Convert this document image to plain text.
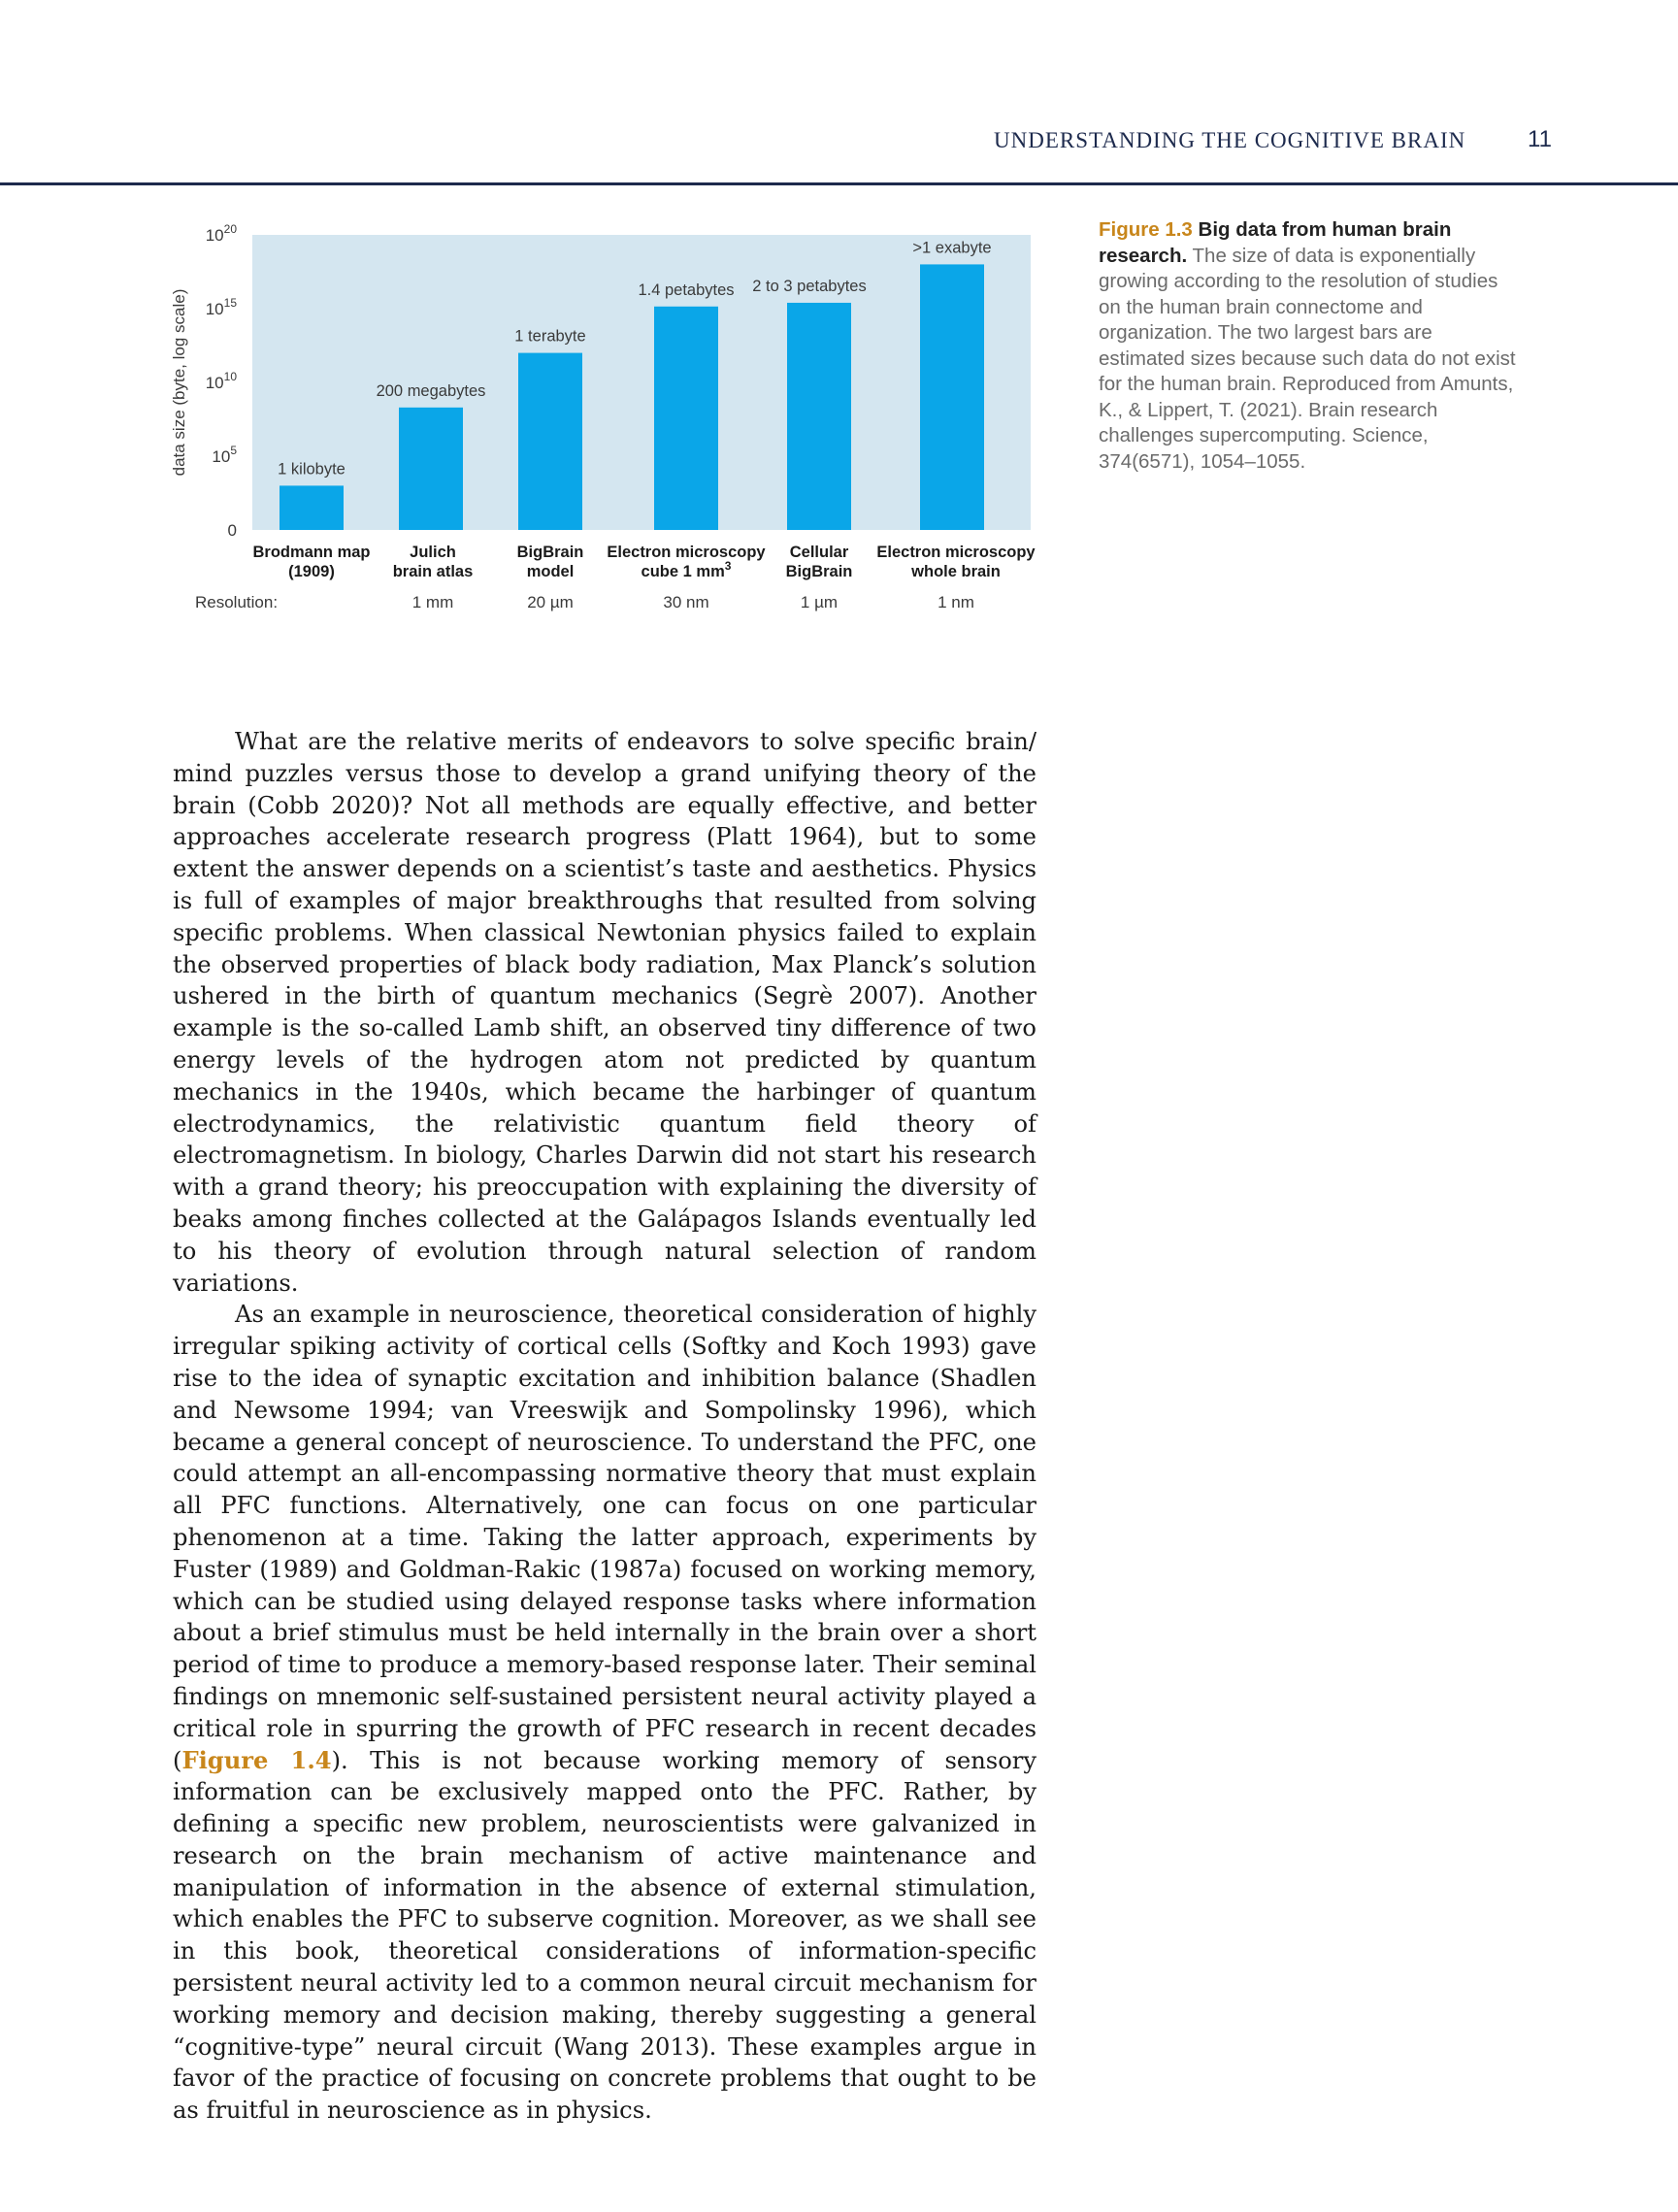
UNDERSTANDING THE COGNITIVE BRAIN	11
data size (byte, log scale)
$10^{20}$
$10^{15}$
$10^{10}$
$10^5$
0
1 kilobyte
200 megabytes
1 terabyte
1.4 petabytes 2 to 3 petabytes
>1 exabyte
Brodmann map
(1909)
Julich
brain atlas
BigBrain
model
Electron microscopy
cube 1 $mm^3$
Cellular
BigBrain
Electron microscopy
whole brain
Resolution:	1 mm	20 µm	30 nm	1 µm	1 nm
Figure 1.3 Big data from human brain research. The size of data is exponentially growing according to the resolution of studies on the human brain connectome and organization. The two largest bars are estimated sizes because such data do not exist for the human brain. Reproduced from Amunts, K., & Lippert, T. (2021). Brain research challenges supercomputing. Science, 374(6571), 1054–1055.

What are the relative merits of endeavors to solve specific brain/ mind puzzles versus those to develop a grand unifying theory of the brain (Cobb 2020)? Not all methods are equally effective, and better approaches accelerate research progress (Platt 1964), but to some extent the answer depends on a scientist’s taste and aesthetics. Physics is full of examples of major breakthroughs that resulted from solving specific problems. When classical Newtonian physics failed to explain the observed properties of black body radiation, Max Planck’s solution ushered in the birth of quantum mechanics (Segrè 2007). Another example is the so-called Lamb shift, an observed tiny difference of two energy levels of the hydrogen atom not predicted by quantum mechanics in the 1940s, which became the harbinger of quantum electrodynamics, the relativistic quantum field theory of electromagnetism. In biology, Charles Darwin did not start his research with a grand theory; his preoccupation with explaining the diversity of beaks among finches collected at the Galápagos Islands eventually led to his theory of evolution through natural selection of random variations.

As an example in neuroscience, theoretical consideration of highly irregular spiking activity of cortical cells (Softky and Koch 1993) gave rise to the idea of synaptic excitation and inhibition balance (Shadlen and Newsome 1994; van Vreeswijk and Sompolinsky 1996), which became a general concept of neuroscience. To understand the PFC, one could attempt an all-encompassing normative theory that must explain all PFC functions. Alternatively, one can focus on one particular phenomenon at a time. Taking the latter approach, experiments by Fuster (1989) and Goldman-Rakic (1987a) focused on working memory, which can be studied using delayed response tasks where information about a brief stimulus must be held internally in the brain over a short period of time to produce a memory-based response later. Their seminal findings on mnemonic self-sustained persistent neural activity played a critical role in spurring the growth of PFC research in recent decades (Figure 1.4). This is not because working memory of sensory information can be exclusively mapped onto the PFC. Rather, by defining a specific new problem, neuroscientists were galvanized in research on the brain mechanism of active maintenance and manipulation of information in the absence of external stimulation, which enables the PFC to subserve cognition. Moreover, as we shall see in this book, theoretical considerations of information-specific persistent neural activity led to a common neural circuit mechanism for working memory and decision making, thereby suggesting a general “cognitive-type” neural circuit (Wang 2013). These examples argue in favor of the practice of focusing on concrete problems that ought to be as fruitful in neuroscience as in physics.
